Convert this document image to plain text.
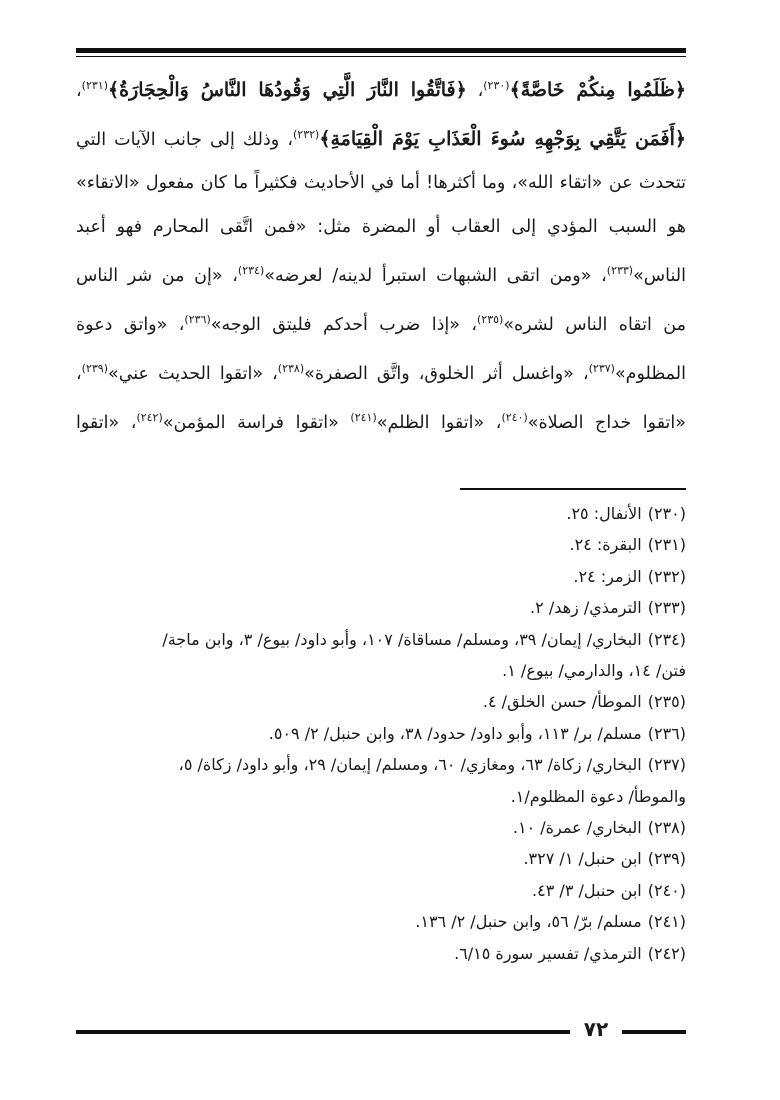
﴿ظَلَمُوا مِنكُمْ خَاصَّةً﴾$^{(٢٣٠)}$، ﴿فَاتَّقُوا النَّارَ الَّتِي وَقُودُهَا النَّاسُ وَالْحِجَارَةُ﴾$^{(٢٣١)}$،
﴿أَفَمَن يَتَّقِي بِوَجْهِهِ سُوءَ الْعَذَابِ يَوْمَ الْقِيَامَةِ﴾$^{(٢٣٢)}$، وذلك إلى جانب الآيات التي
تتحدث عن «اتقاء الله»، وما أكثرها! أما في الأحاديث فكثيراً ما كان مفعول «الاتقاء»
هو السبب المؤدي إلى العقاب أو المضرة مثل: «فمن اتَّقى المحارم فهو أعبد
الناس»$^{(٢٣٣)}$، «ومن اتقى الشبهات استبرأ لدينه/ لعرضه»$^{(٢٣٤)}$، «إن من شر الناس
من اتقاه الناس لشره»$^{(٢٣٥)}$، «إذا ضرب أحدكم فليتق الوجه»$^{(٢٣٦)}$، «واتق دعوة
المظلوم»$^{(٢٣٧)}$، «واغسل أثر الخلوق، واتَّق الصفرة»$^{(٢٣٨)}$، «اتقوا الحديث عني»$^{(٢٣٩)}$،
«اتقوا خداج الصلاة»$^{(٢٤٠)}$، «اتقوا الظلم»$^{(٢٤١)}$ «اتقوا فراسة المؤمن»$^{(٢٤٢)}$، «اتقوا
(٢٣٠)الأنفال: ٢٥.
(٢٣١)البقرة: ٢٤.
(٢٣٢)الزمر: ٢٤.
(٢٣٣)الترمذي/ زهد/ ٢.
(٢٣٤)البخاري/ إيمان/ ٣٩، ومسلم/ مساقاة/ ١٠٧، وأبو داود/ بيوع/ ٣، وابن ماجة/
فتن/ ١٤، والدارمي/ بيوع/ ١.
(٢٣٥)الموطأ/ حسن الخلق/ ٤.
(٢٣٦)مسلم/ بر/ ١١٣، وأبو داود/ حدود/ ٣٨، وابن حنبل/ ٢/ ٥٠٩.
(٢٣٧)البخاري/ زكاة/ ٦٣، ومغازي/ ٦٠، ومسلم/ إيمان/ ٢٩، وأبو داود/ زكاة/ ٥،
والموطأ/ دعوة المظلوم/١.
(٢٣٨)البخاري/ عمرة/ ١٠.
(٢٣٩)ابن حنبل/ ١/ ٣٢٧.
(٢٤٠)ابن حنبل/ ٣/ ٤٣.
(٢٤١)مسلم/ برّ/ ٥٦، وابن حنبل/ ٢/ ١٣٦.
(٢٤٢)الترمذي/ تفسير سورة ٦/١٥.
٧٢
